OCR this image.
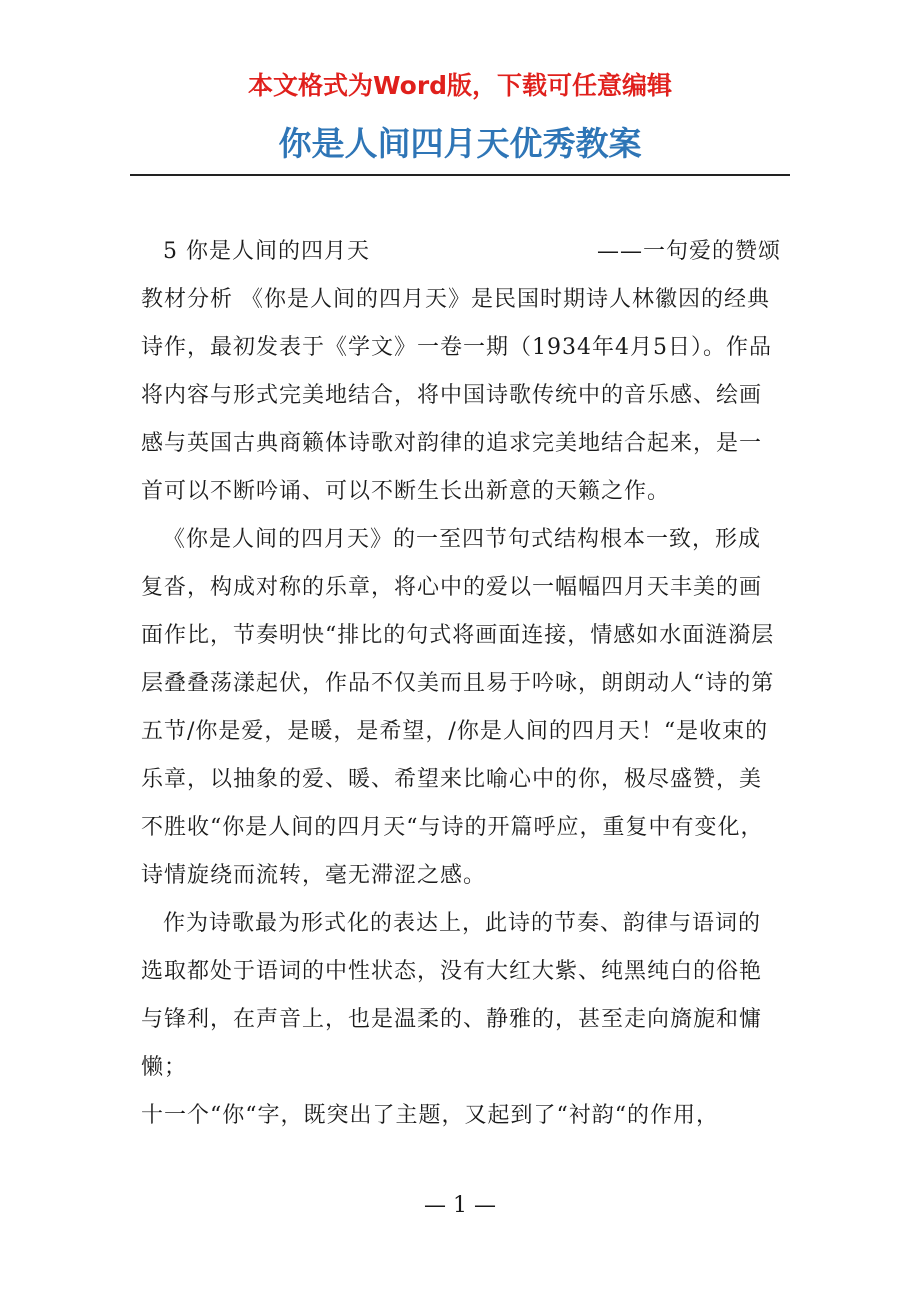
本文格式为Word版，下载可任意编辑
你是人间四月天优秀教案
5 你是人间的四月天	——一句爱的赞颂

教材分析 《你是人间的四月天》是民国时期诗人林徽因的经典诗作，最初发表于《学文》一卷一期（1934年4月5日）。作品将内容与形式完美地结合，将中国诗歌传统中的音乐感、绘画感与英国古典商籁体诗歌对韵律的追求完美地结合起来，是一首可以不断吟诵、可以不断生长出新意的天籁之作。

《你是人间的四月天》的一至四节句式结构根本一致，形成复沓，构成对称的乐章，将心中的爱以一幅幅四月天丰美的画面作比，节奏明快“排比的句式将画面连接，情感如水面涟漪层层叠叠荡漾起伏，作品不仅美而且易于吟咏，朗朗动人“诗的第五节/你是爱，是暖，是希望，/你是人间的四月天！“是收束的乐章，以抽象的爱、暖、希望来比喻心中的你，极尽盛赞，美不胜收“你是人间的四月天“与诗的开篇呼应，重复中有变化，诗情旋绕而流转，毫无滞涩之感。

作为诗歌最为形式化的表达上，此诗的节奏、韵律与语词的选取都处于语词的中性状态，没有大红大紫、纯黑纯白的俗艳与锋利，在声音上，也是温柔的、静雅的，甚至走向旖旎和慵懒；

十一个“你“字，既突出了主题，又起到了“衬韵“的作用，

— 1 —
